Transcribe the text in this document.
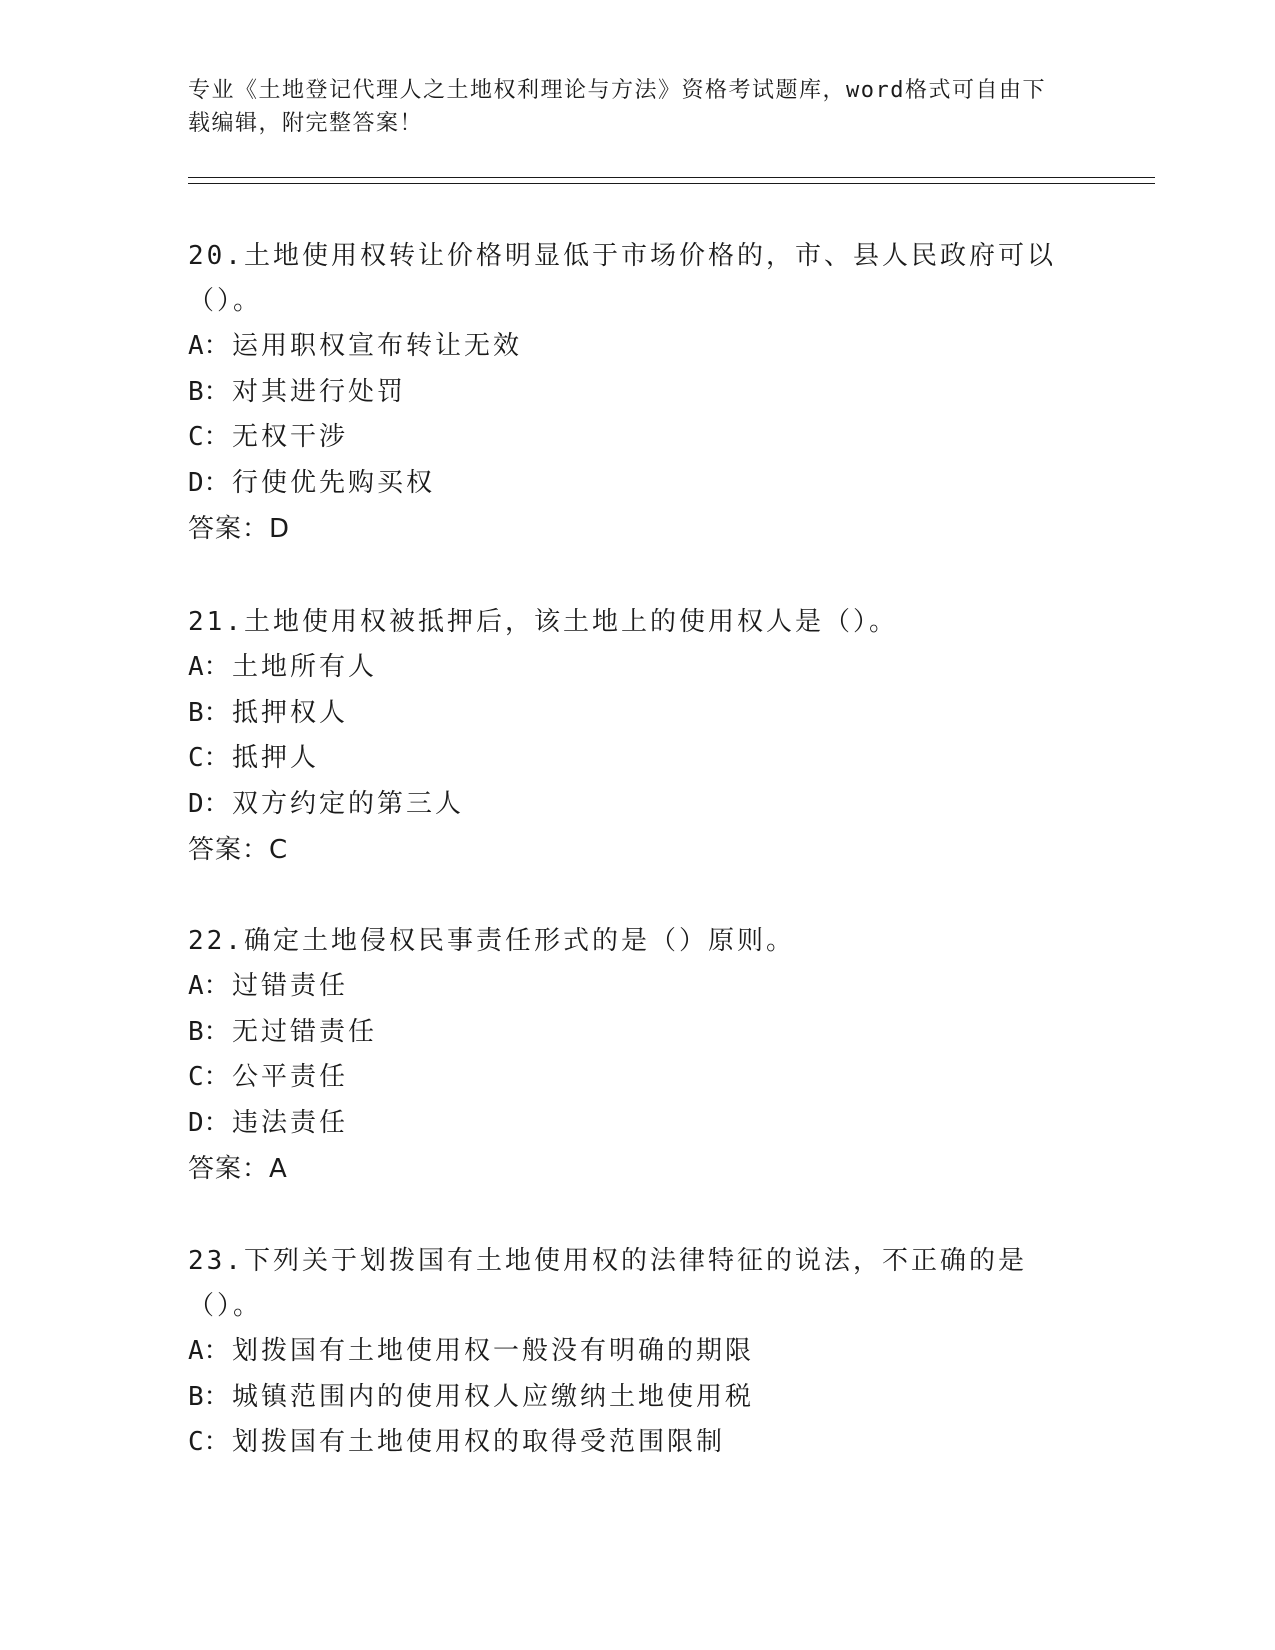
专业《土地登记代理人之土地权利理论与方法》资格考试题库，word格式可自由下载编辑，附完整答案！

20.土地使用权转让价格明显低于市场价格的，市、县人民政府可以（）。

A：运用职权宣布转让无效

B：对其进行处罚

C：无权干涉

D：行使优先购买权

答案：D

21.土地使用权被抵押后，该土地上的使用权人是（）。

A：土地所有人

B：抵押权人

C：抵押人

D：双方约定的第三人

答案：C

22.确定土地侵权民事责任形式的是（）原则。

A：过错责任

B：无过错责任

C：公平责任

D：违法责任

答案：A

23.下列关于划拨国有土地使用权的法律特征的说法，不正确的是（）。

A：划拨国有土地使用权一般没有明确的期限

B：城镇范围内的使用权人应缴纳土地使用税

C：划拨国有土地使用权的取得受范围限制
